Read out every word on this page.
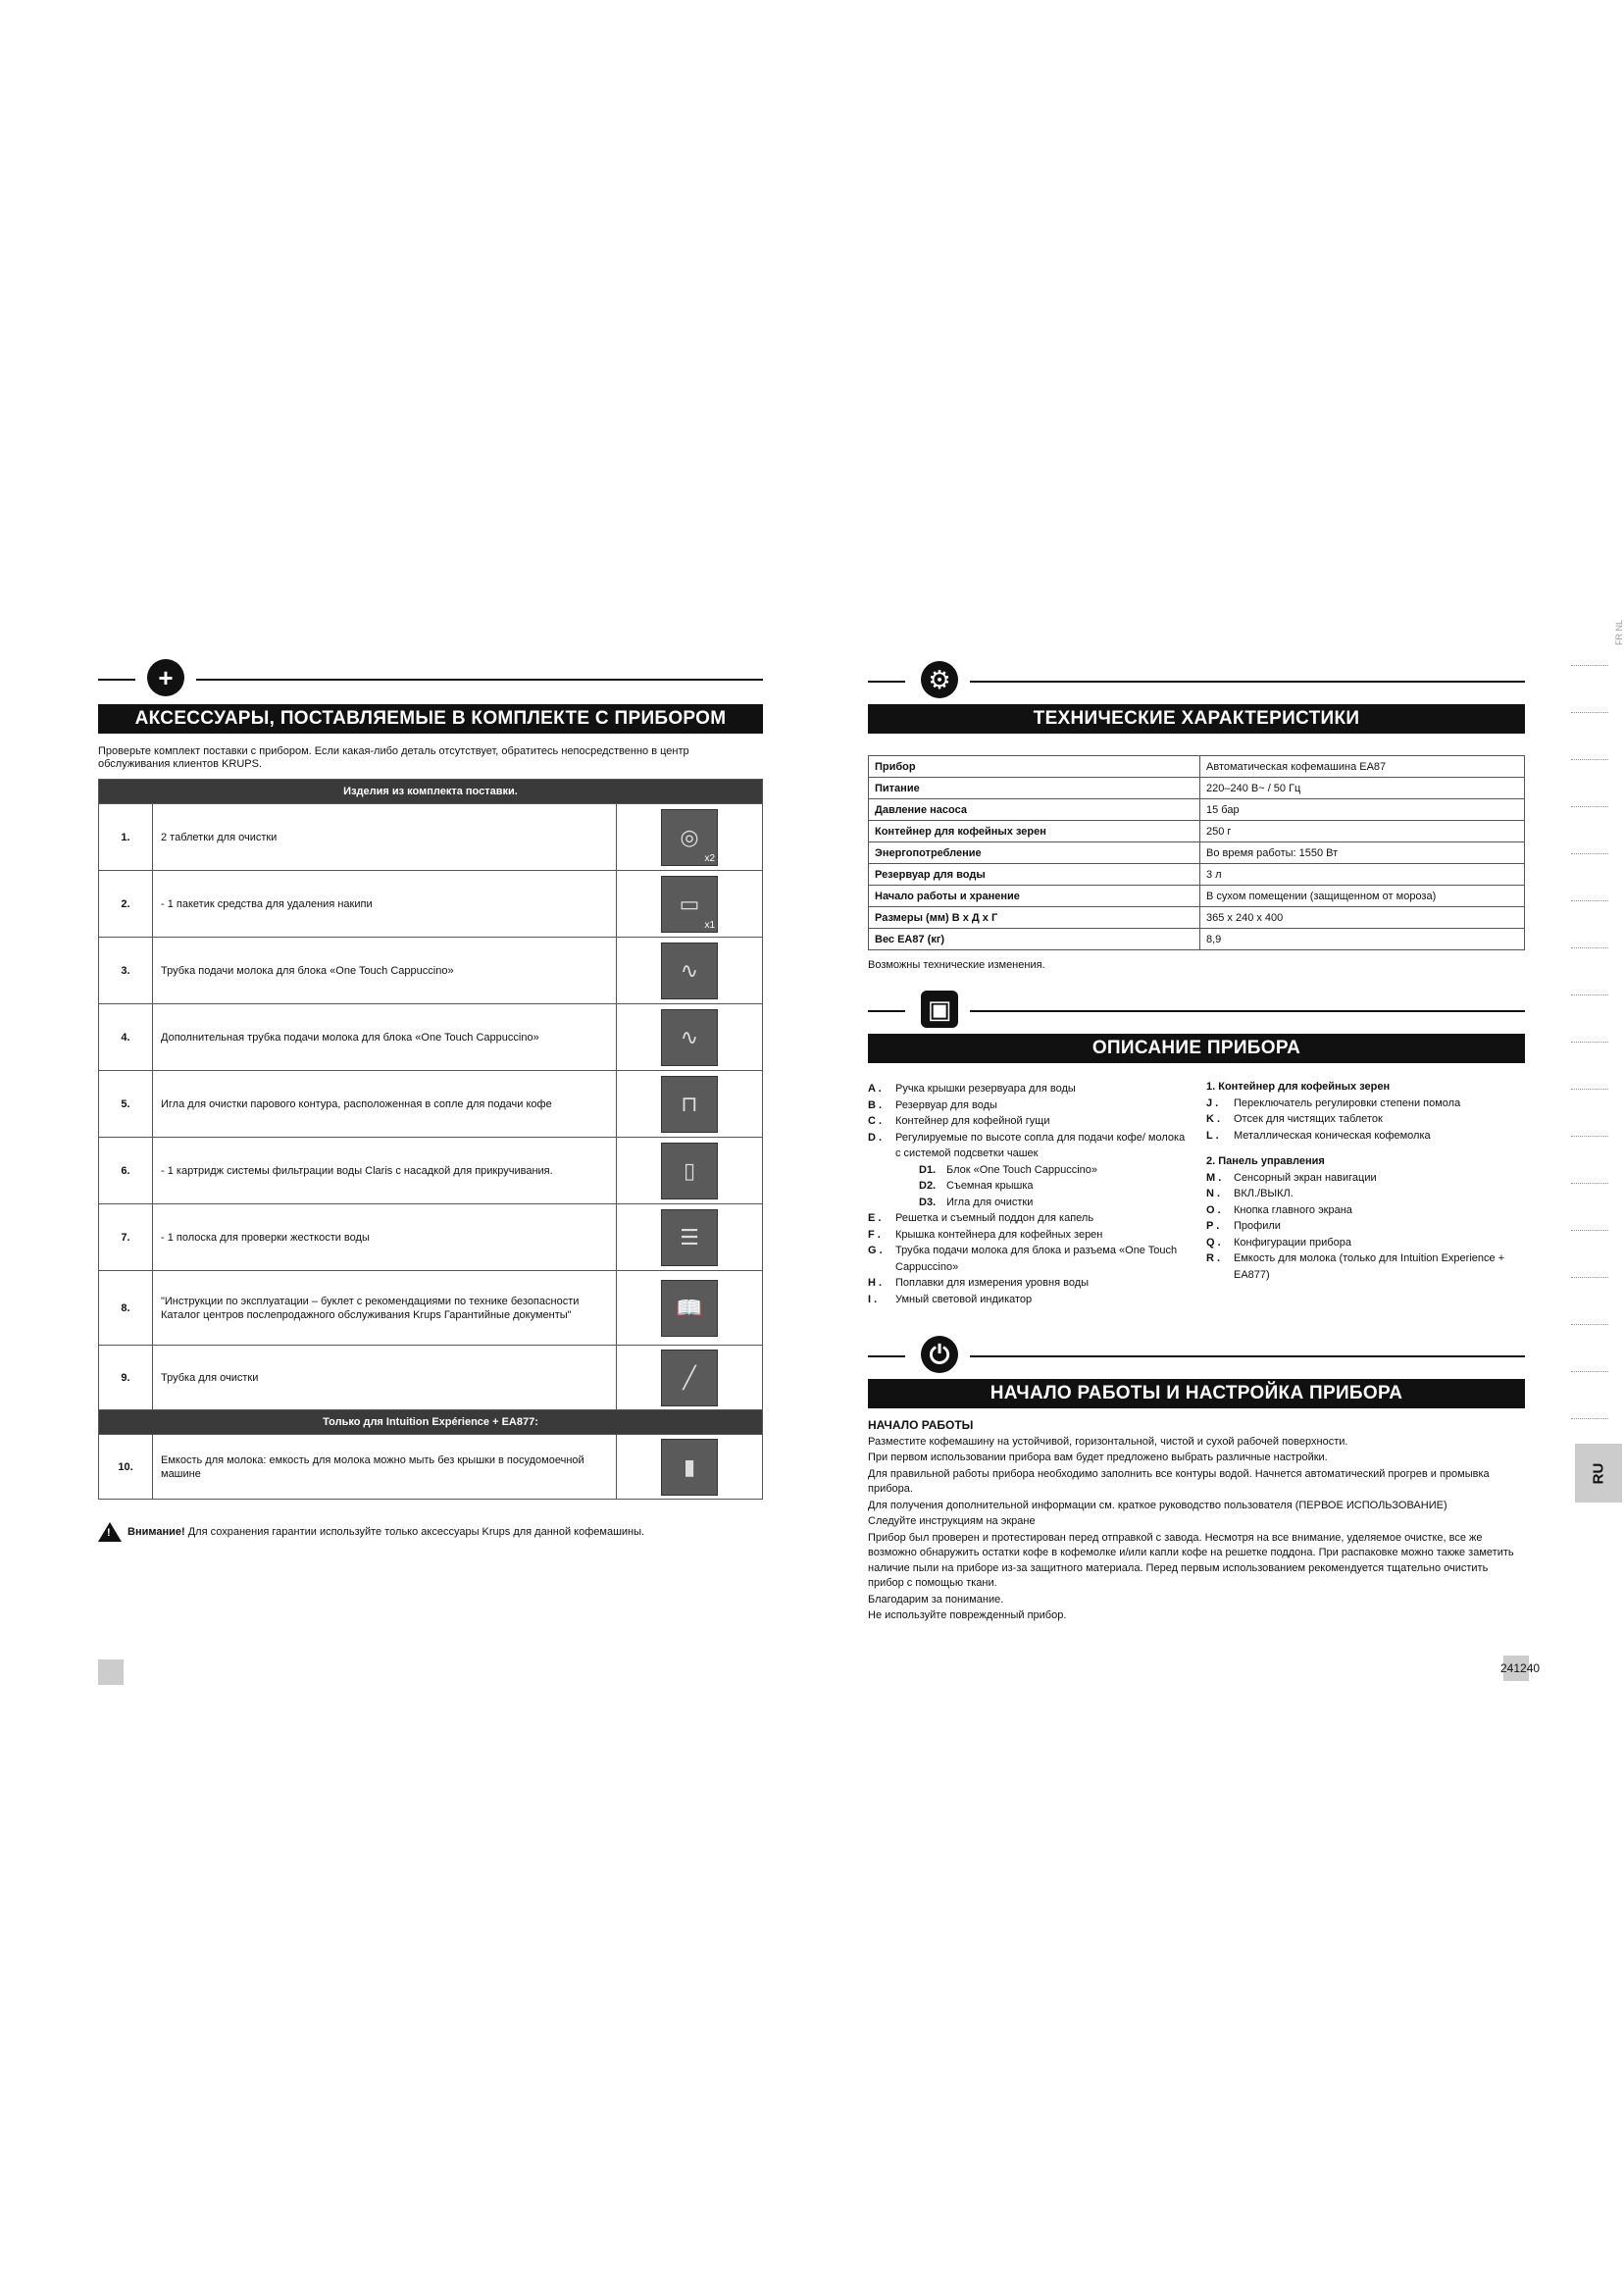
+
АКСЕССУАРЫ, ПОСТАВЛЯЕМЫЕ В КОМПЛЕКТЕ С ПРИБОРОМ
Проверьте комплект поставки с прибором. Если какая-либо деталь отсутствует, обратитесь непосредственно в центр обслуживания клиентов KRUPS.
Изделия из комплекта поставки.		
1.	2 таблетки для очистки	◎
x2

2.	- 1 пакетик средства для удаления накипи	▭
x1

3.	Трубка подачи молока для блока «One Touch Cappuccino»	∿
4.	Дополнительная трубка подачи молока для блока «One Touch Cappuccino»	∿
5.	Игла для очистки парового контура, расположенная в сопле для подачи кофе	⊓
6.	- 1 картридж системы фильтрации воды Claris с насадкой для прикручивания.	▯
7.	- 1 полоска для проверки жесткости воды	☰
8.	"Инструкции по эксплуатации – буклет с рекомендациями по технике безопасности Каталог центров послепродажного обслуживания Krups Гарантийные документы"	📖
9.	Трубка для очистки	╱
Только для Intuition Expérience + EA877:		
10.	Емкость для молока: емкость для молока можно мыть без крышки в посудомоечной машине	▮
! Внимание! Для сохранения гарантии используйте только аксессуары Krups для данной кофемашины.
⚙
ТЕХНИЧЕСКИЕ ХАРАКТЕРИСТИКИ
Прибор	Автоматическая кофемашина EA87
Питание	220–240 В~ / 50 Гц
Давление насоса	15 бар
Контейнер для кофейных зерен	250 г
Энергопотребление	Во время работы: 1550 Вт
Резервуар для воды	3 л
Начало работы и хранение	В сухом помещении (защищенном от мороза)
Размеры (мм) В х Д х Г	365 x 240 x 400
Вес EA87 (кг)	8,9
Возможны технические изменения.
▣
ОПИСАНИЕ ПРИБОРА
A .	Ручка крышки резервуара для воды
B .	Резервуар для воды
C .	Контейнер для кофейной гущи
D .	Регулируемые по высоте сопла для подачи кофе/ молока с системой подсветки чашек
D1. Блок «One Touch Cappuccino»
D2. Съемная крышка
D3. Игла для очистки
E .	Решетка и съемный поддон для капель
F .	Крышка контейнера для кофейных зерен
G .	Трубка подачи молока для блока и разъема «One Touch Cappuccino»
H .	Поплавки для измерения уровня воды
I .	Умный световой индикатор
1. Контейнер для кофейных зерен
J .	Переключатель регулировки степени помола
K .	Отсек для чистящих таблеток
L .	Металлическая коническая кофемолка
2. Панель управления
M .	Сенсорный экран навигации
N .	ВКЛ./ВЫКЛ.
O .	Кнопка главного экрана
P .	Профили
Q .	Конфигурации прибора
R .	Емкость для молока (только для Intuition Experience + EA877)
⏻
НАЧАЛО РАБОТЫ И НАСТРОЙКА ПРИБОРА
НАЧАЛО РАБОТЫ
Разместите кофемашину на устойчивой, горизонтальной, чистой и сухой рабочей поверхности.
При первом использовании прибора вам будет предложено выбрать различные настройки.
Для правильной работы прибора необходимо заполнить все контуры водой. Начнется автоматический прогрев и промывка прибора.
Для получения дополнительной информации см. краткое руководство пользователя (ПЕРВОЕ ИСПОЛЬЗОВАНИЕ)
Следуйте инструкциям на экране
Прибор был проверен и протестирован перед отправкой с завода. Несмотря на все внимание, уделяемое очистке, все же возможно обнаружить остатки кофе в кофемолке и/или капли кофе на решетке поддона. При распаковке можно также заметить наличие пыли на приборе из-за защитного материала. Перед первым использованием рекомендуется тщательно очистить прибор с помощью ткани.
Благодарим за понимание.
Не используйте поврежденный прибор.
241240
FR NL
RU
